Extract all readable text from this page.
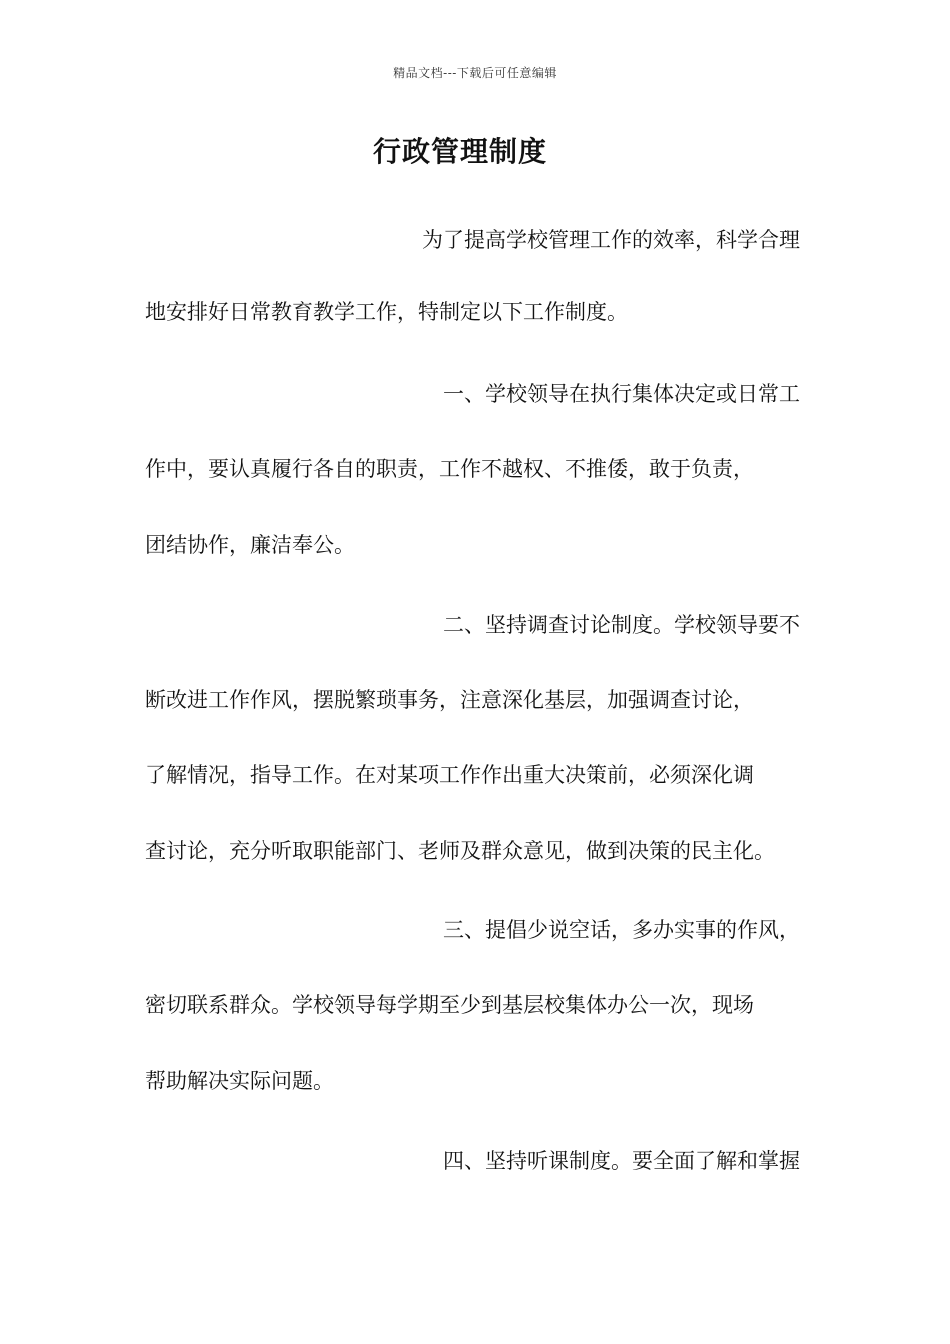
精品文档---下载后可任意编辑
行政管理制度
为了提高学校管理工作的效率，科学合理
地安排好日常教育教学工作，特制定以下工作制度。
一、学校领导在执行集体决定或日常工
作中，要认真履行各自的职责，工作不越权、不推倭，敢于负责，
团结协作，廉洁奉公。
二、坚持调查讨论制度。学校领导要不
断改进工作作风，摆脱繁琐事务，注意深化基层，加强调查讨论，
了解情况，指导工作。在对某项工作作出重大决策前，必须深化调
查讨论，充分听取职能部门、老师及群众意见，做到决策的民主化。
三、提倡少说空话，多办实事的作风，
密切联系群众。学校领导每学期至少到基层校集体办公一次，现场
帮助解决实际问题。
四、坚持听课制度。要全面了解和掌握
